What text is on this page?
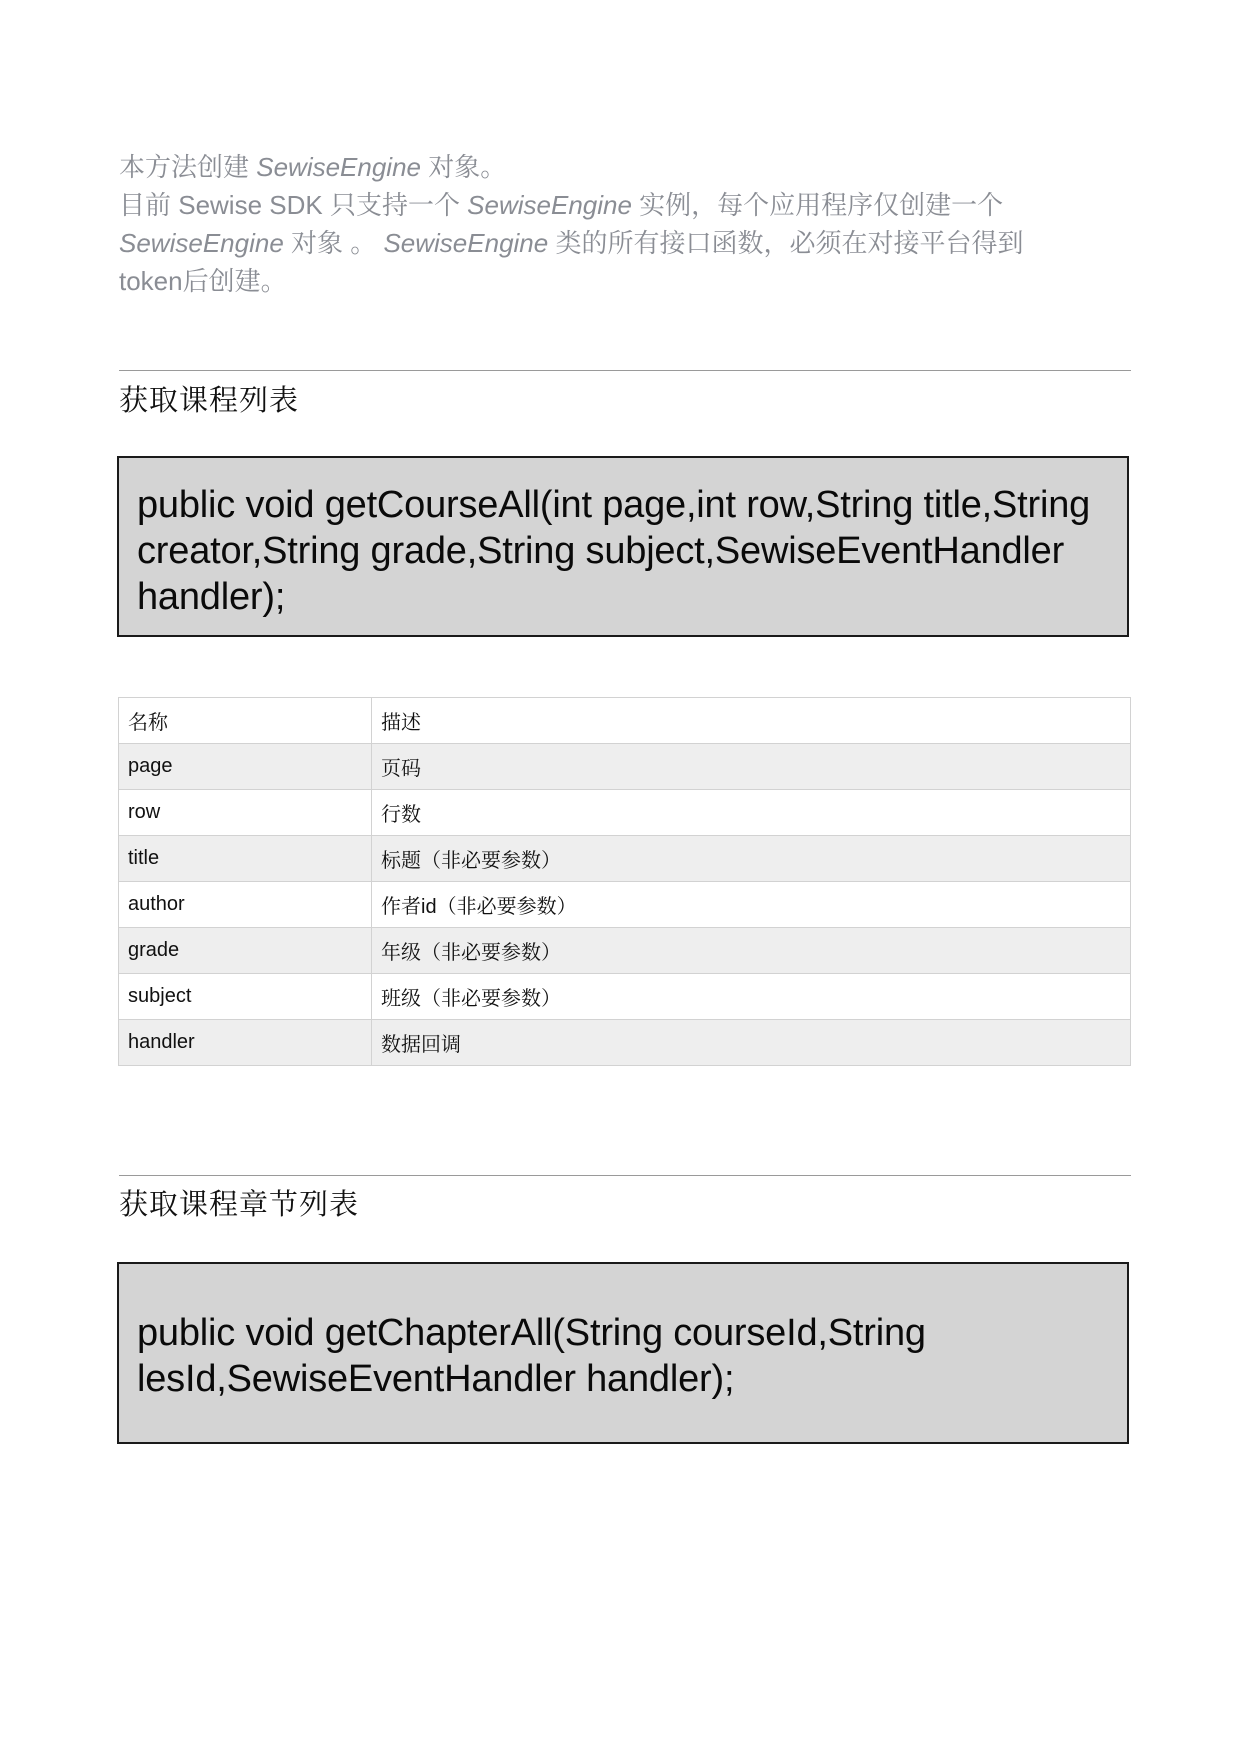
本方法创建 SewiseEngine 对象。

目前 Sewise SDK 只支持一个 SewiseEngine 实例，每个应用程序仅创建一个

SewiseEngine 对象 。 SewiseEngine 类的所有接口函数，必须在对接平台得到

token后创建。

获取课程列表
public void getCourseAll(int page,int row,String title,String
creator,String grade,String subject,SewiseEventHandler
handler);
名称	描述
page	页码
row	行数
title	标题（非必要参数）
author	作者id（非必要参数）
grade	年级（非必要参数）
subject	班级（非必要参数）
handler	数据回调
获取课程章节列表
public void getChapterAll(String courseId,String
lesId,SewiseEventHandler handler);
